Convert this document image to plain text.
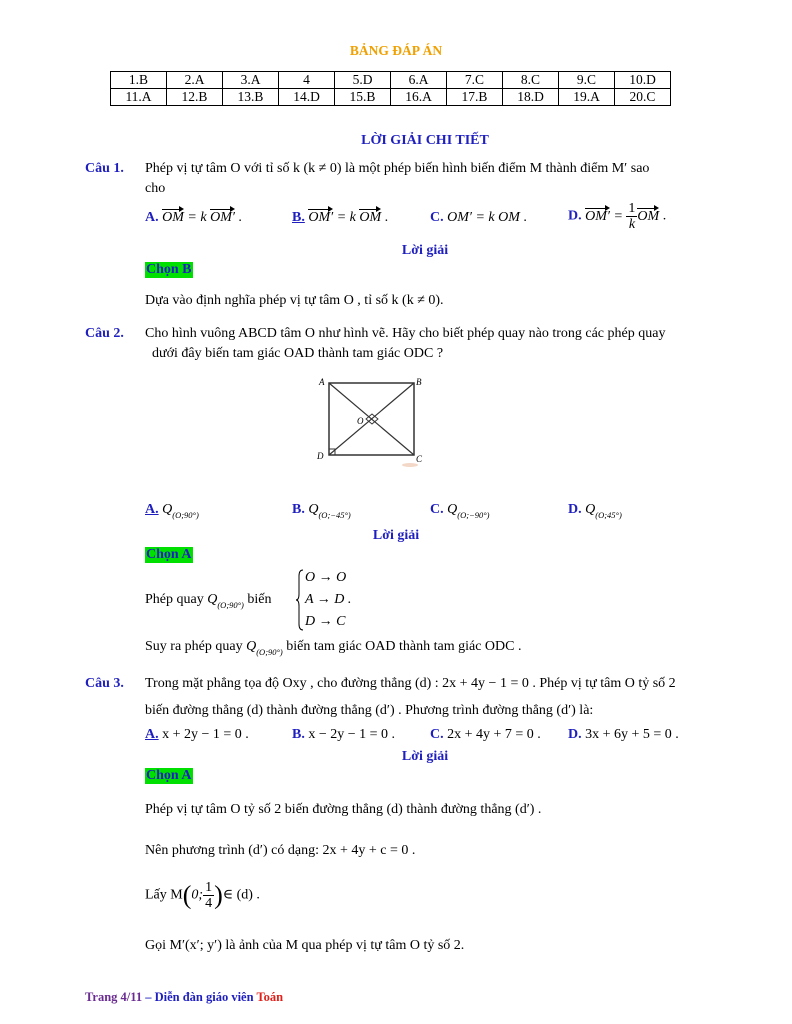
BẢNG ĐÁP ÁN
1.B	2.A	3.A	4	5.D	6.A	7.C	8.C	9.C	10.D
11.A	12.B	13.B	14.D	15.B	16.A	17.B	18.D	19.A	20.C
LỜI GIẢI CHI TIẾT
Câu 1. Phép vị tự tâm O với tỉ số k (k ≠ 0) là một phép biến hình biến điểm M thành điểm M′ sao
cho
A. OM = k OM′ .	B. OM′ = k OM .	C. OM′ = k OM .	D. $OM' = \frac{1}{k}$ OM .
Lời giải
Chọn B
Dựa vào định nghĩa phép vị tự tâm O , tỉ số k (k ≠ 0).
Câu 2. Cho hình vuông ABCD tâm O như hình vẽ. Hãy cho biết phép quay nào trong các phép quay
dưới đây biến tam giác OAD thành tam giác ODC ?
A	B
C
D
O
A. $Q_{(O;90^\circ)}$	B. $Q_{(O;-45^\circ)}$	C. $Q_{(O;-90^\circ)}$	D. $Q_{(O;45^\circ)}$
Lời giải
Chọn A
Phép quay $Q_{(O;90^\circ)}$ biến
O → O
A → D .
D → C
Suy ra phép quay $Q_{(O;90^\circ)}$ biến tam giác OAD thành tam giác ODC .
Câu 3. Trong mặt phẳng tọa độ Oxy , cho đường thẳng (d) : 2x + 4y − 1 = 0 . Phép vị tự tâm O tỷ số 2
biến đường thẳng (d) thành đường thẳng (d′) . Phương trình đường thẳng (d′) là:
A. x + 2y − 1 = 0 .	B. x − 2y − 1 = 0 . C. 2x + 4y + 7 = 0 . D. 3x + 6y + 5 = 0 .
Lời giải
Chọn A
Phép vị tự tâm O tỷ số 2 biến đường thẳng (d) thành đường thẳng (d′) .
Nên phương trình (d′) có dạng: 2x + 4y + c = 0 .
Lấy M(0; $\frac{1}{4}$ )∈ (d) .
Gọi M′(x′; y′) là ảnh của M qua phép vị tự tâm O tỷ số 2.
Trang 4/11 – Diễn đàn giáo viên Toán
